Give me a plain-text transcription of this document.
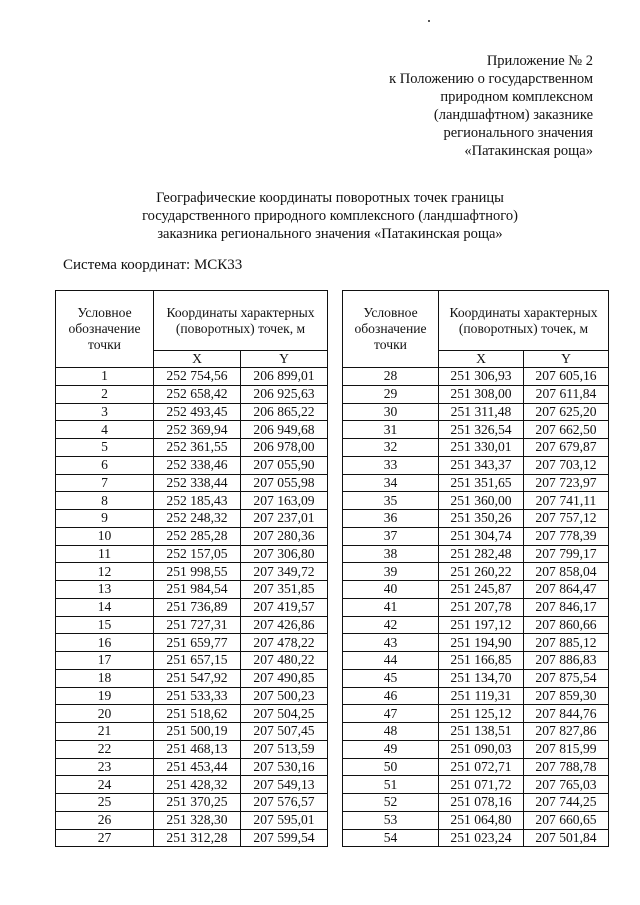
Приложение № 2
к Положению о государственном
природном комплексном
(ландшафтном) заказнике
регионального значения
«Патакинская роща»
Географические координаты поворотных точек границы
государственного природного комплексного (ландшафтного)
заказника регионального значения «Патакинская роща»
Система координат: МСК33
Условное обозначение точки	Координаты характерных (поворотных) точек, м	
	X	Y
1	252 754,56	206 899,01
2	252 658,42	206 925,63
3	252 493,45	206 865,22
4	252 369,94	206 949,68
5	252 361,55	206 978,00
6	252 338,46	207 055,90
7	252 338,44	207 055,98
8	252 185,43	207 163,09
9	252 248,32	207 237,01
10	252 285,28	207 280,36
11	252 157,05	207 306,80
12	251 998,55	207 349,72
13	251 984,54	207 351,85
14	251 736,89	207 419,57
15	251 727,31	207 426,86
16	251 659,77	207 478,22
17	251 657,15	207 480,22
18	251 547,92	207 490,85
19	251 533,33	207 500,23
20	251 518,62	207 504,25
21	251 500,19	207 507,45
22	251 468,13	207 513,59
23	251 453,44	207 530,16
24	251 428,32	207 549,13
25	251 370,25	207 576,57
26	251 328,30	207 595,01
27	251 312,28	207 599,54
Условное обозначение точки	Координаты характерных (поворотных) точек, м	
	X	Y
28	251 306,93	207 605,16
29	251 308,00	207 611,84
30	251 311,48	207 625,20
31	251 326,54	207 662,50
32	251 330,01	207 679,87
33	251 343,37	207 703,12
34	251 351,65	207 723,97
35	251 360,00	207 741,11
36	251 350,26	207 757,12
37	251 304,74	207 778,39
38	251 282,48	207 799,17
39	251 260,22	207 858,04
40	251 245,87	207 864,47
41	251 207,78	207 846,17
42	251 197,12	207 860,66
43	251 194,90	207 885,12
44	251 166,85	207 886,83
45	251 134,70	207 875,54
46	251 119,31	207 859,30
47	251 125,12	207 844,76
48	251 138,51	207 827,86
49	251 090,03	207 815,99
50	251 072,71	207 788,78
51	251 071,72	207 765,03
52	251 078,16	207 744,25
53	251 064,80	207 660,65
54	251 023,24	207 501,84
